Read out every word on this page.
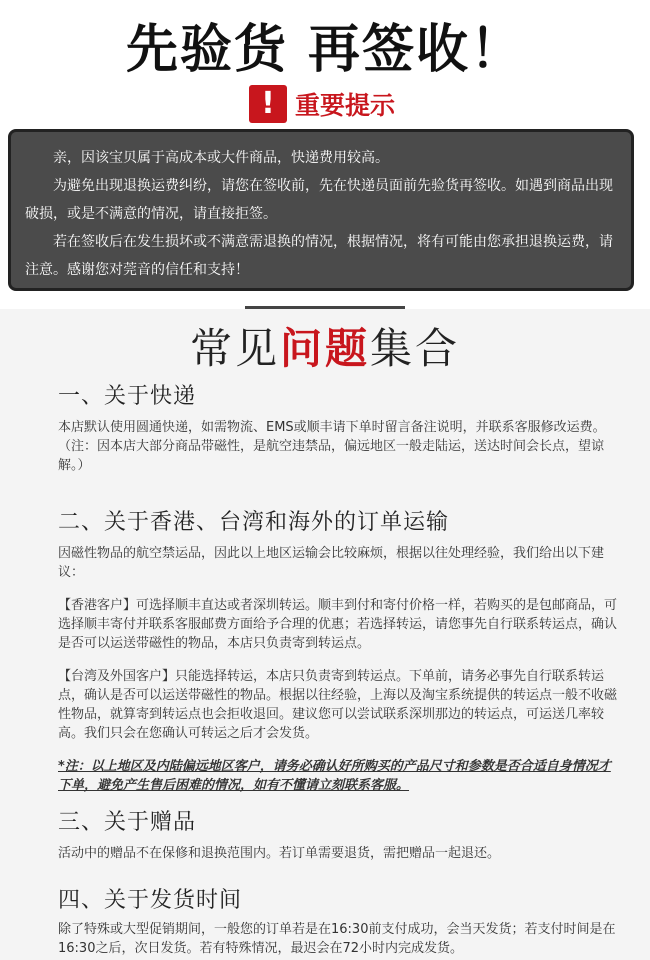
先验货 再签收！
! 重要提示

亲，因该宝贝属于高成本或大件商品，快递费用较高。

为避免出现退换运费纠纷，请您在签收前，先在快递员面前先验货再签收。如遇到商品出现破损，或是不满意的情况，请直接拒签。

若在签收后在发生损坏或不满意需退换的情况，根据情况，将有可能由您承担退换运费，请注意。感谢您对莞音的信任和支持！

常见问题集合
一、关于快递

本店默认使用圆通快递，如需物流、EMS或顺丰请下单时留言备注说明，并联系客服修改运费。

（注：因本店大部分商品带磁性，是航空违禁品，偏远地区一般走陆运，送达时间会长点，望谅解。）

二、关于香港、台湾和海外的订单运输

因磁性物品的航空禁运品，因此以上地区运输会比较麻烦，根据以往处理经验，我们给出以下建议：

【香港客户】可选择顺丰直达或者深圳转运。顺丰到付和寄付价格一样，若购买的是包邮商品，可选择顺丰寄付并联系客服邮费方面给予合理的优惠；若选择转运，请您事先自行联系转运点，确认是否可以运送带磁性的物品，本店只负责寄到转运点。

【台湾及外国客户】只能选择转运，本店只负责寄到转运点。下单前，请务必事先自行联系转运点，确认是否可以运送带磁性的物品。根据以往经验，上海以及淘宝系统提供的转运点一般不收磁性物品，就算寄到转运点也会拒收退回。建议您可以尝试联系深圳那边的转运点，可运送几率较高。我们只会在您确认可转运之后才会发货。

*注：以上地区及内陆偏远地区客户，请务必确认好所购买的产品尺寸和参数是否合适自身情况才下单，避免产生售后困难的情况，如有不懂请立刻联系客服。

三、关于赠品

活动中的赠品不在保修和退换范围内。若订单需要退货，需把赠品一起退还。

四、关于发货时间

除了特殊或大型促销期间，一般您的订单若是在16:30前支付成功，会当天发货；若支付时间是在16:30之后，次日发货。若有特殊情况，最迟会在72小时内完成发货。
